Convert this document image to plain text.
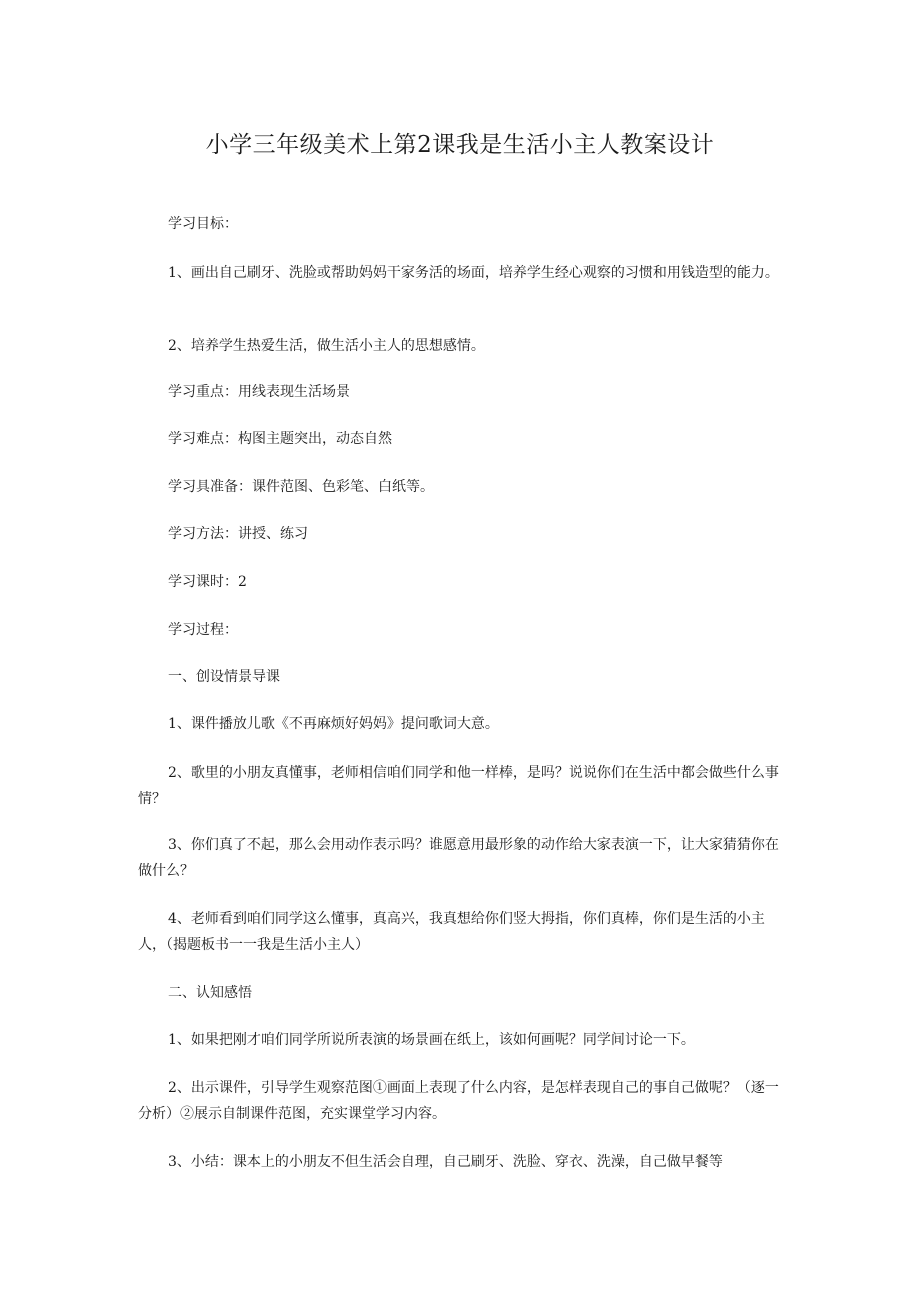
小学三年级美术上第2课我是生活小主人教案设计

学习目标：

1、画出自己刷牙、洗脸或帮助妈妈干家务活的场面，培养学生经心观察的习惯和用钱造型的能力。

2、培养学生热爱生活，做生活小主人的思想感情。

学习重点：用线表现生活场景

学习难点：构图主题突出，动态自然

学习具准备：课件范图、色彩笔、白纸等。

学习方法：讲授、练习

学习课时：2

学习过程：

一、创设情景导课

1、课件播放儿歌《不再麻烦好妈妈》提问歌词大意。

2、歌里的小朋友真懂事，老师相信咱们同学和他一样棒，是吗？说说你们在生活中都会做些什么事情？

3、你们真了不起，那么会用动作表示吗？谁愿意用最形象的动作给大家表演一下，让大家猜猜你在做什么？

4、老师看到咱们同学这么懂事，真高兴，我真想给你们竖大拇指，你们真棒，你们是生活的小主人，（揭题板书一一我是生活小主人）

二、认知感悟

1、如果把刚才咱们同学所说所表演的场景画在纸上，该如何画呢？同学间讨论一下。

2、出示课件，引导学生观察范图①画面上表现了什么内容，是怎样表现自己的事自己做呢？（逐一分析）②展示自制课件范图，充实课堂学习内容。

3、小结：课本上的小朋友不但生活会自理，自己刷牙、洗脸、穿衣、洗澡，自己做早餐等
